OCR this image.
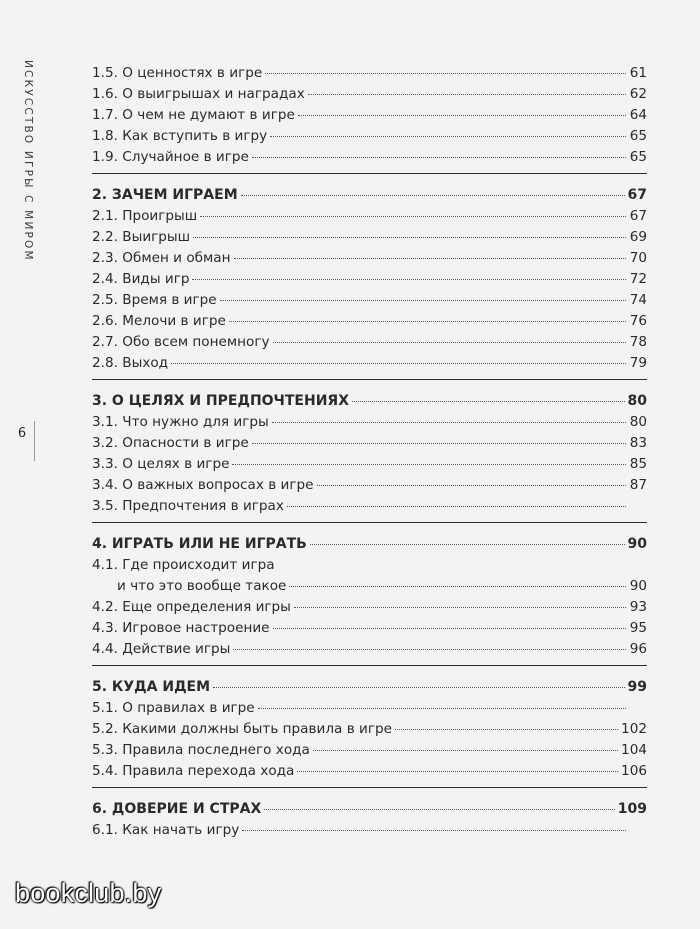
ИСКУССТВО ИГРЫ С МИРОМ
6
1.5. О ценностях в игре	61
1.6. О выигрышах и наградах	62
1.7. О чем не думают в игре	64
1.8. Как вступить в игру	65
1.9. Случайное в игре	65
2. ЗАЧЕМ ИГРАЕМ	67
2.1. Проигрыш	67
2.2. Выигрыш	69
2.3. Обмен и обман	70
2.4. Виды игр	72
2.5. Время в игре	74
2.6. Мелочи в игре	76
2.7. Обо всем понемногу	78
2.8. Выход	79
3. О ЦЕЛЯХ И ПРЕДПОЧТЕНИЯХ	80
3.1. Что нужно для игры	80
3.2. Опасности в игре	83
3.3. О целях в игре	85
3.4. О важных вопросах в игре	87
3.5. Предпочтения в играх
4. ИГРАТЬ ИЛИ НЕ ИГРАТЬ	90
4.1. Где происходит игра
и что это вообще такое	90
4.2. Еще определения игры	93
4.3. Игровое настроение	95
4.4. Действие игры	96
5. КУДА ИДЕМ	99
5.1. О правилах в игре
5.2. Какими должны быть правила в игре	102
5.3. Правила последнего хода	104
5.4. Правила перехода хода	106
6. ДОВЕРИЕ И СТРАХ	109
6.1. Как начать игру
bookclub.by
